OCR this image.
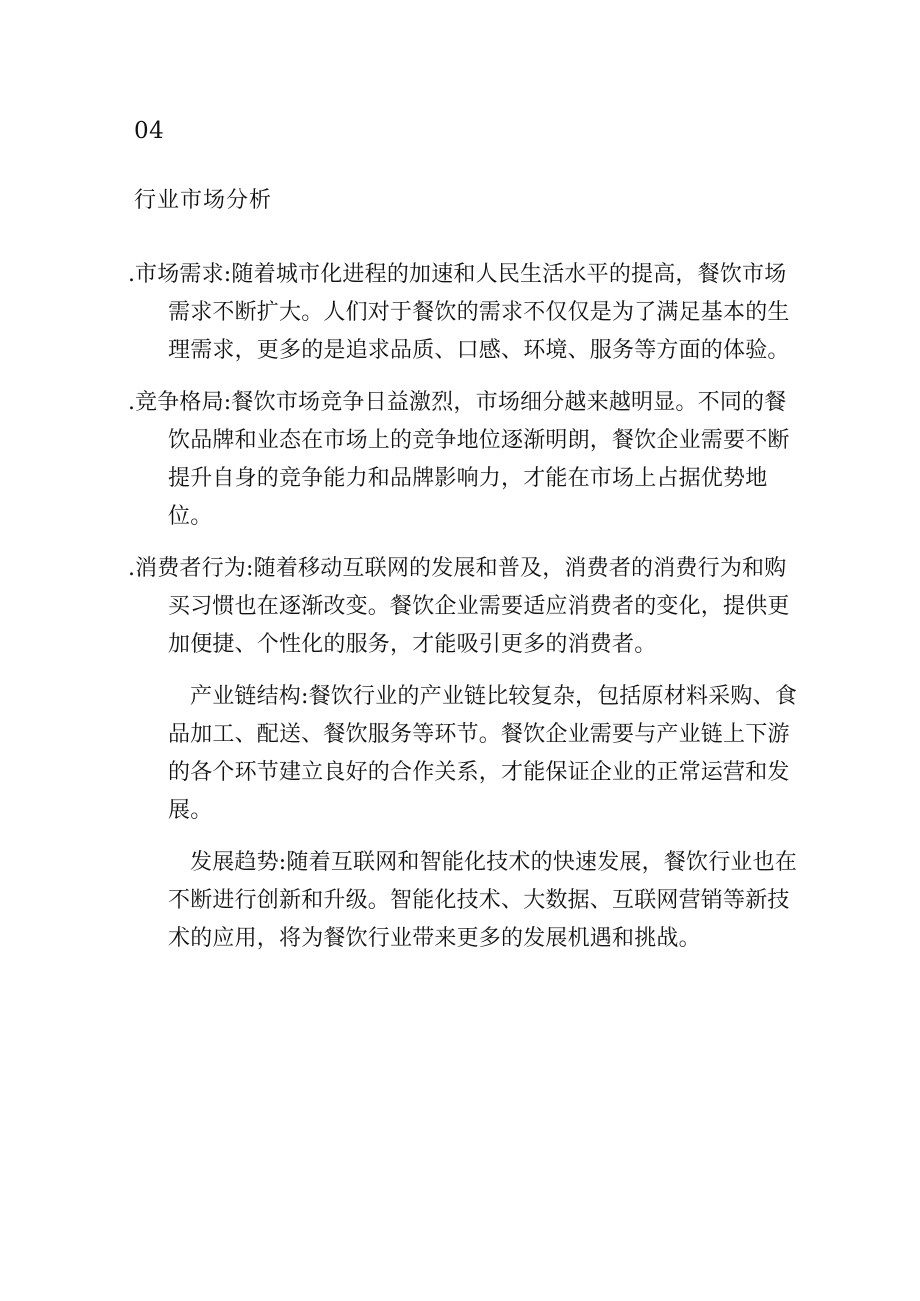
04
行业市场分析

.市场需求:随着城市化进程的加速和人民生活水平的提高，餐饮市场需求不断扩大。人们对于餐饮的需求不仅仅是为了满足基本的生理需求，更多的是追求品质、口感、环境、服务等方面的体验。

.竞争格局:餐饮市场竞争日益激烈，市场细分越来越明显。不同的餐饮品牌和业态在市场上的竞争地位逐渐明朗，餐饮企业需要不断提升自身的竞争能力和品牌影响力，才能在市场上占据优势地位。

.消费者行为:随着移动互联网的发展和普及，消费者的消费行为和购买习惯也在逐渐改变。餐饮企业需要适应消费者的变化，提供更加便捷、个性化的服务，才能吸引更多的消费者。

产业链结构:餐饮行业的产业链比较复杂，包括原材料采购、食品加工、配送、餐饮服务等环节。餐饮企业需要与产业链上下游的各个环节建立良好的合作关系，才能保证企业的正常运营和发展。

发展趋势:随着互联网和智能化技术的快速发展，餐饮行业也在不断进行创新和升级。智能化技术、大数据、互联网营销等新技术的应用，将为餐饮行业带来更多的发展机遇和挑战。
